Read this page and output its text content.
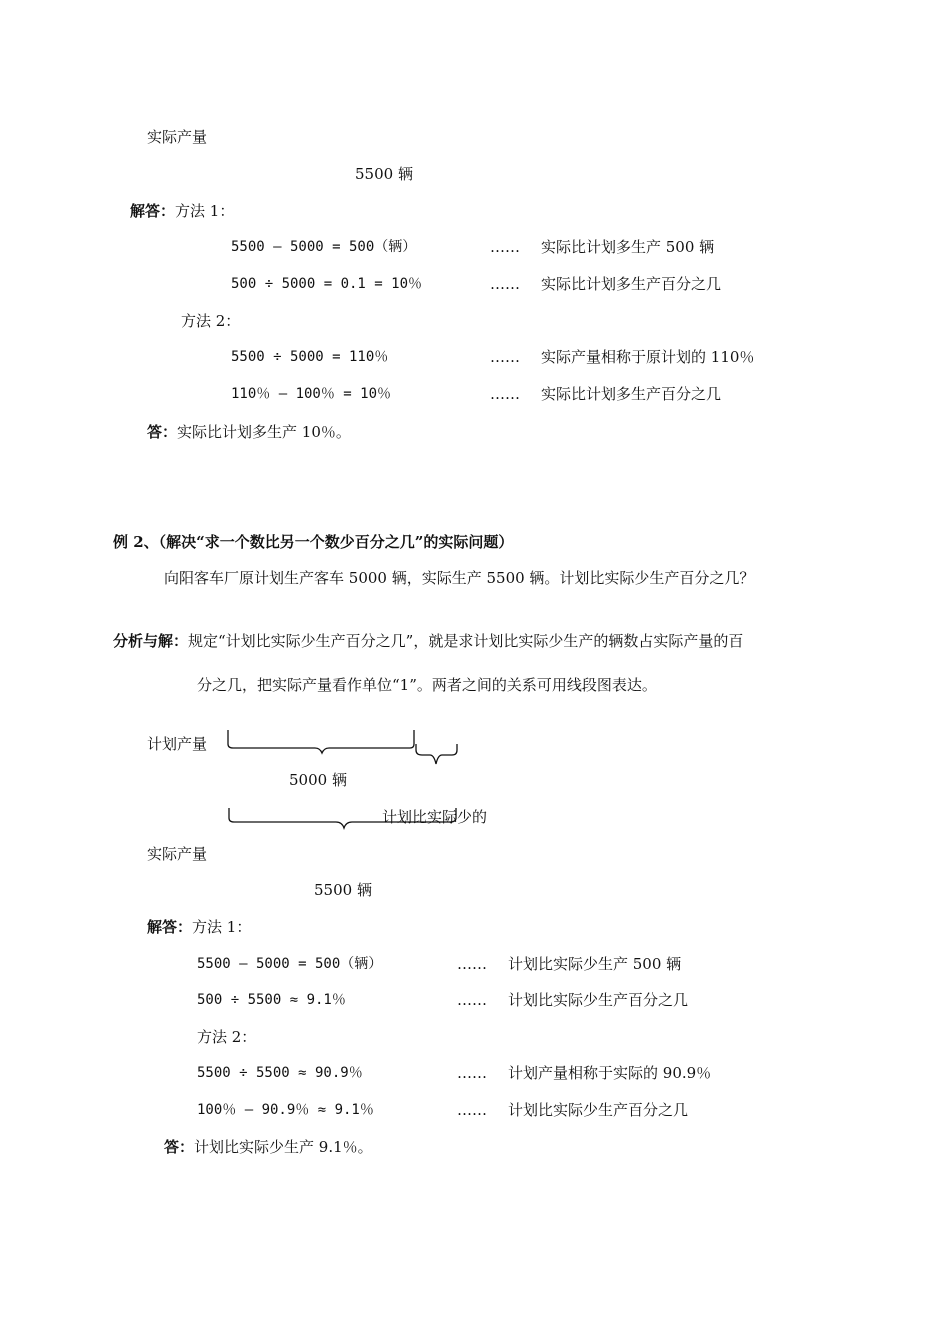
实际产量
5500 辆
解答：方法 1：
5500 – 5000 = 500（辆）	…… 实际比计划多生产 500 辆
500 ÷ 5000 = 0.1 = 10％	…… 实际比计划多生产百分之几
方法 2：
5500 ÷ 5000 = 110％	…… 实际产量相称于原计划的 110％
110％ – 100％ = 10％	…… 实际比计划多生产百分之几
答：实际比计划多生产 10％。
例 2、（解决“求一个数比另一个数少百分之几”的实际问题）
向阳客车厂原计划生产客车 5000 辆，实际生产 5500 辆。计划比实际少生产百分之几？
分析与解：规定“计划比实际少生产百分之几”，就是求计划比实际少生产的辆数占实际产量的百
分之几，把实际产量看作单位“1”。两者之间的关系可用线段图表达。
计划产量
5000 辆
计划比实际少的
实际产量
5500 辆
解答：方法 1：
5500 – 5000 = 500（辆）	…… 计划比实际少生产 500 辆
500 ÷ 5500 ≈ 9.1％	…… 计划比实际少生产百分之几
方法 2：
5500 ÷ 5500 ≈ 90.9％	…… 计划产量相称于实际的 90.9％
100％ – 90.9％ ≈ 9.1％	…… 计划比实际少生产百分之几
答：计划比实际少生产 9.1％。
